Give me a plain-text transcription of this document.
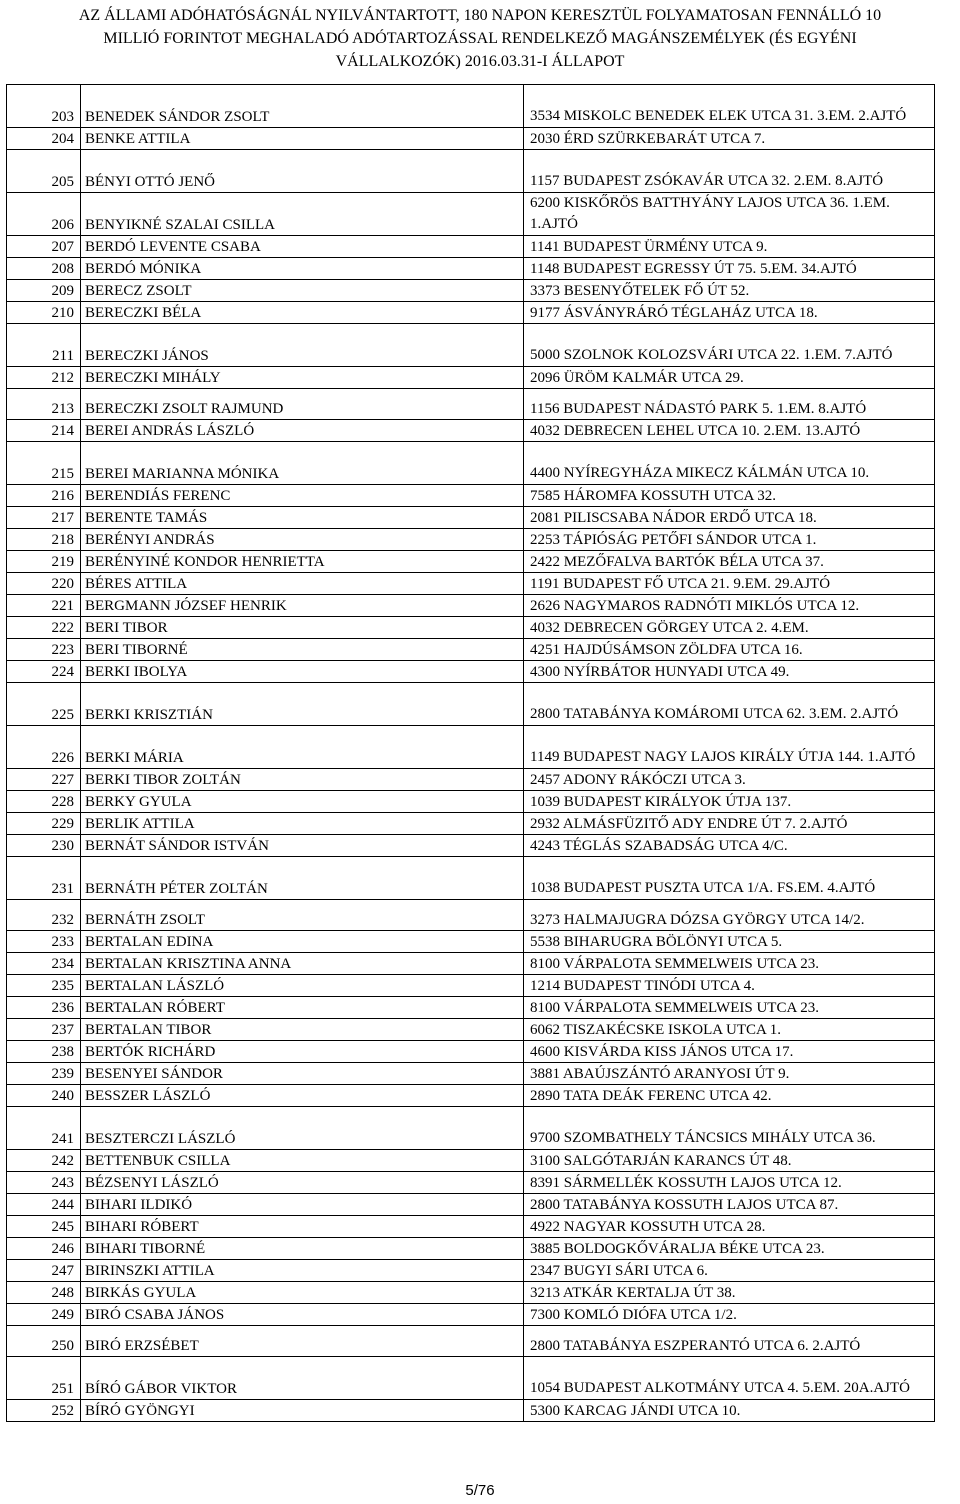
AZ ÁLLAMI ADÓHATÓSÁGNÁL NYILVÁNTARTOTT, 180 NAPON KERESZTÜL FOLYAMATOSAN FENNÁLLÓ 10
MILLIÓ FORINTOT MEGHALADÓ ADÓTARTOZÁSSAL RENDELKEZŐ MAGÁNSZEMÉLYEK (ÉS EGYÉNI
VÁLLALKOZÓK) 2016.03.31-I ÁLLAPOT
203	BENEDEK SÁNDOR ZSOLT	3534 MISKOLC BENEDEK ELEK UTCA 31. 3.EM. 2.AJTÓ
204	BENKE ATTILA	2030 ÉRD SZÜRKEBARÁT UTCA 7.
205	BÉNYI OTTÓ JENŐ	1157 BUDAPEST ZSÓKAVÁR UTCA 32. 2.EM. 8.AJTÓ
206	BENYIKNÉ SZALAI CSILLA	6200 KISKŐRÖS BATTHYÁNY LAJOS UTCA 36. 1.EM. 1.AJTÓ
207	BERDÓ LEVENTE CSABA	1141 BUDAPEST ÜRMÉNY UTCA 9.
208	BERDÓ MÓNIKA	1148 BUDAPEST EGRESSY ÚT 75. 5.EM. 34.AJTÓ
209	BERECZ ZSOLT	3373 BESENYŐTELEK FŐ ÚT 52.
210	BERECZKI BÉLA	9177 ÁSVÁNYRÁRÓ TÉGLAHÁZ UTCA 18.
211	BERECZKI JÁNOS	5000 SZOLNOK KOLOZSVÁRI UTCA 22. 1.EM. 7.AJTÓ
212	BERECZKI MIHÁLY	2096 ÜRÖM KALMÁR UTCA 29.
213	BERECZKI ZSOLT RAJMUND	1156 BUDAPEST NÁDASTÓ PARK 5. 1.EM. 8.AJTÓ
214	BEREI ANDRÁS LÁSZLÓ	4032 DEBRECEN LEHEL UTCA 10. 2.EM. 13.AJTÓ
215	BEREI MARIANNA MÓNIKA	4400 NYÍREGYHÁZA MIKECZ KÁLMÁN UTCA 10.
216	BERENDIÁS FERENC	7585 HÁROMFA KOSSUTH UTCA 32.
217	BERENTE TAMÁS	2081 PILISCSABA NÁDOR ERDŐ UTCA 18.
218	BERÉNYI ANDRÁS	2253 TÁPIÓSÁG PETŐFI SÁNDOR UTCA 1.
219	BERÉNYINÉ KONDOR HENRIETTA	2422 MEZŐFALVA BARTÓK BÉLA UTCA 37.
220	BÉRES ATTILA	1191 BUDAPEST FŐ UTCA 21. 9.EM. 29.AJTÓ
221	BERGMANN JÓZSEF HENRIK	2626 NAGYMAROS RADNÓTI MIKLÓS UTCA 12.
222	BERI TIBOR	4032 DEBRECEN GÖRGEY UTCA 2. 4.EM.
223	BERI TIBORNÉ	4251 HAJDÚSÁMSON ZÖLDFA UTCA 16.
224	BERKI IBOLYA	4300 NYÍRBÁTOR HUNYADI UTCA 49.
225	BERKI KRISZTIÁN	2800 TATABÁNYA KOMÁROMI UTCA 62. 3.EM. 2.AJTÓ
226	BERKI MÁRIA	1149 BUDAPEST NAGY LAJOS KIRÁLY ÚTJA 144. 1.AJTÓ
227	BERKI TIBOR ZOLTÁN	2457 ADONY RÁKÓCZI UTCA 3.
228	BERKY GYULA	1039 BUDAPEST KIRÁLYOK ÚTJA 137.
229	BERLIK ATTILA	2932 ALMÁSFÜZITŐ ADY ENDRE ÚT 7. 2.AJTÓ
230	BERNÁT SÁNDOR ISTVÁN	4243 TÉGLÁS SZABADSÁG UTCA 4/C.
231	BERNÁTH PÉTER ZOLTÁN	1038 BUDAPEST PUSZTA UTCA 1/A. FS.EM. 4.AJTÓ
232	BERNÁTH ZSOLT	3273 HALMAJUGRA DÓZSA GYÖRGY UTCA 14/2.
233	BERTALAN EDINA	5538 BIHARUGRA BÖLÖNYI UTCA 5.
234	BERTALAN KRISZTINA ANNA	8100 VÁRPALOTA SEMMELWEIS UTCA 23.
235	BERTALAN LÁSZLÓ	1214 BUDAPEST TINÓDI UTCA 4.
236	BERTALAN RÓBERT	8100 VÁRPALOTA SEMMELWEIS UTCA 23.
237	BERTALAN TIBOR	6062 TISZAKÉCSKE ISKOLA UTCA 1.
238	BERTÓK RICHÁRD	4600 KISVÁRDA KISS JÁNOS UTCA 17.
239	BESENYEI SÁNDOR	3881 ABAÚJSZÁNTÓ ARANYOSI ÚT 9.
240	BESSZER LÁSZLÓ	2890 TATA DEÁK FERENC UTCA 42.
241	BESZTERCZI LÁSZLÓ	9700 SZOMBATHELY TÁNCSICS MIHÁLY UTCA 36.
242	BETTENBUK CSILLA	3100 SALGÓTARJÁN KARANCS ÚT 48.
243	BÉZSENYI LÁSZLÓ	8391 SÁRMELLÉK KOSSUTH LAJOS UTCA 12.
244	BIHARI ILDIKÓ	2800 TATABÁNYA KOSSUTH LAJOS UTCA 87.
245	BIHARI RÓBERT	4922 NAGYAR KOSSUTH UTCA 28.
246	BIHARI TIBORNÉ	3885 BOLDOGKŐVÁRALJA BÉKE UTCA 23.
247	BIRINSZKI ATTILA	2347 BUGYI SÁRI UTCA 6.
248	BIRKÁS GYULA	3213 ATKÁR KERTALJA ÚT 38.
249	BIRÓ CSABA JÁNOS	7300 KOMLÓ DIÓFA UTCA 1/2.
250	BIRÓ ERZSÉBET	2800 TATABÁNYA ESZPERANTÓ UTCA 6. 2.AJTÓ
251	BÍRÓ GÁBOR VIKTOR	1054 BUDAPEST ALKOTMÁNY UTCA 4. 5.EM. 20A.AJTÓ
252	BÍRÓ GYÖNGYI	5300 KARCAG JÁNDI UTCA 10.
5/76
